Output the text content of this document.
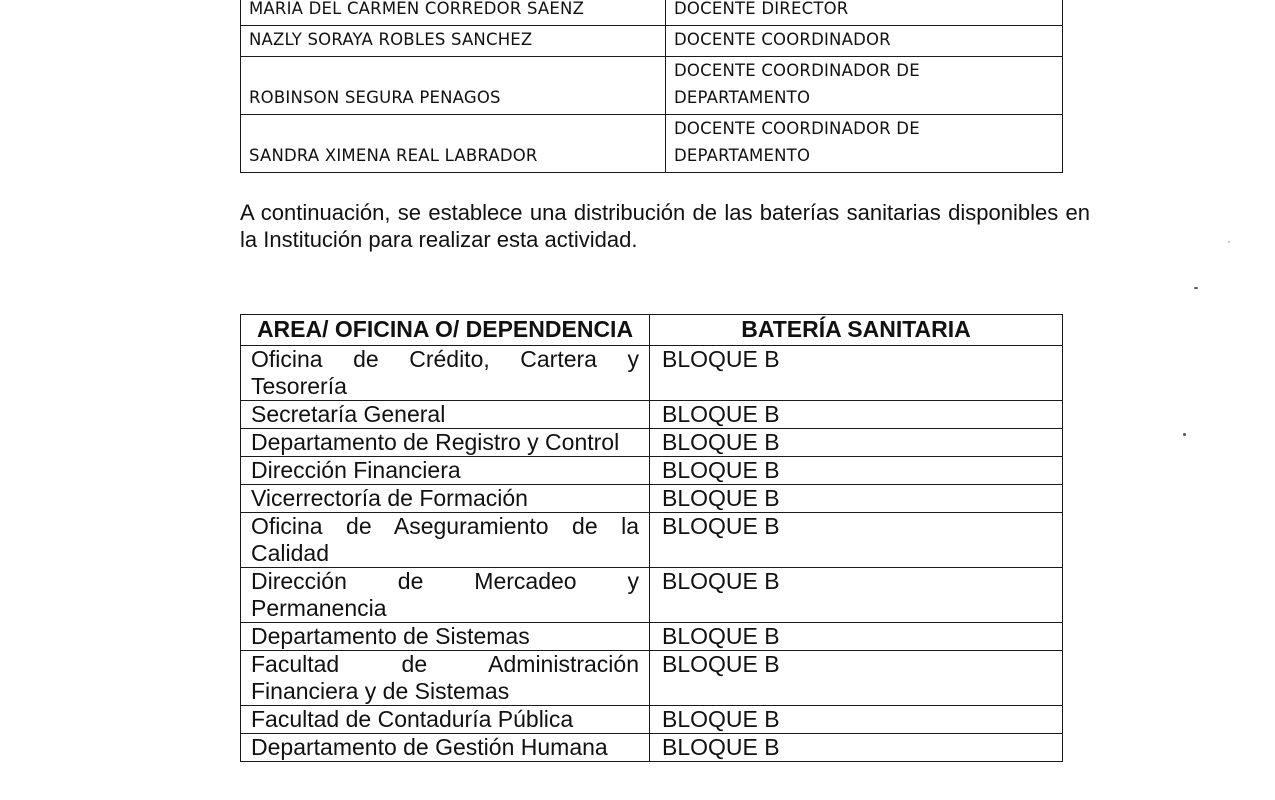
MARIA DEL CARMEN CORREDOR SAENZ	DOCENTE DIRECTOR
NAZLY SORAYA ROBLES SANCHEZ	DOCENTE COORDINADOR
ROBINSON SEGURA PENAGOS	DOCENTE COORDINADOR DE
DEPARTAMENTO
SANDRA XIMENA REAL LABRADOR	DOCENTE COORDINADOR DE
DEPARTAMENTO

A continuación, se establece una distribución de las baterías sanitarias disponibles en la Institución para realizar esta actividad.

AREA/ OFICINA O/ DEPENDENCIA	BATERÍA SANITARIA
Oficina de Crédito, Cartera y Tesorería	BLOQUE B
Secretaría General	BLOQUE B
Departamento de Registro y Control	BLOQUE B
Dirección Financiera	BLOQUE B
Vicerrectoría de Formación	BLOQUE B
Oficina de Aseguramiento de la Calidad	BLOQUE B
Dirección de Mercadeo y Permanencia	BLOQUE B
Departamento de Sistemas	BLOQUE B
Facultad de Administración Financiera y de Sistemas	BLOQUE B
Facultad de Contaduría Pública	BLOQUE B
Departamento de Gestión Humana	BLOQUE B
